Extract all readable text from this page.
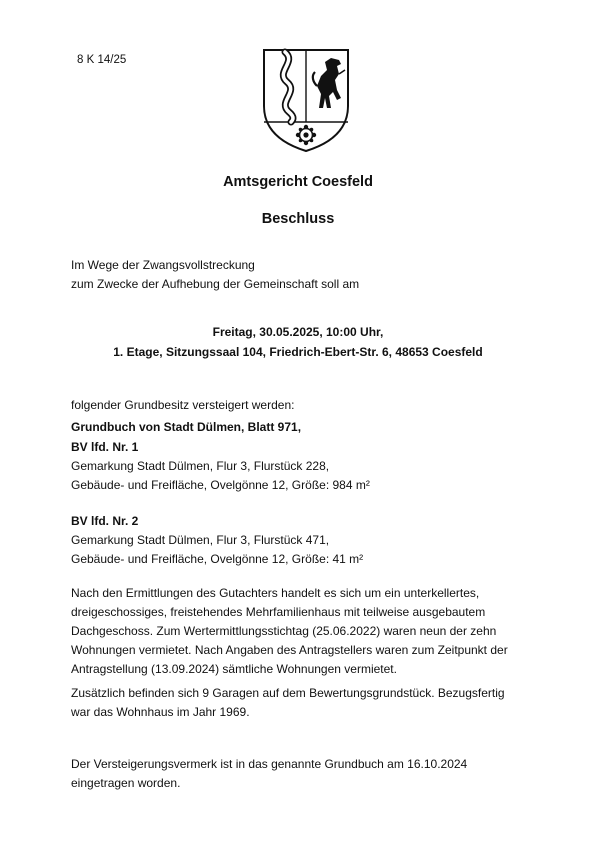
8 K 14/25
Amtsgericht Coesfeld
Beschluss
Im Wege der Zwangsvollstreckung
zum Zwecke der Aufhebung der Gemeinschaft soll am
Freitag, 30.05.2025, 10:00 Uhr,
1. Etage, Sitzungssaal 104, Friedrich-Ebert-Str. 6, 48653 Coesfeld
folgender Grundbesitz versteigert werden:
Grundbuch von Stadt Dülmen, Blatt 971,
BV lfd. Nr. 1
Gemarkung Stadt Dülmen, Flur 3, Flurstück 228,
Gebäude- und Freifläche, Ovelgönne 12, Größe: 984 m²
BV lfd. Nr. 2
Gemarkung Stadt Dülmen, Flur 3, Flurstück 471,
Gebäude- und Freifläche, Ovelgönne 12, Größe: 41 m²
Nach den Ermittlungen des Gutachters handelt es sich um ein unterkellertes,
dreigeschossiges, freistehendes Mehrfamilienhaus mit teilweise ausgebautem
Dachgeschoss. Zum Wertermittlungsstichtag (25.06.2022) waren neun der zehn
Wohnungen vermietet. Nach Angaben des Antragstellers waren zum Zeitpunkt der
Antragstellung (13.09.2024) sämtliche Wohnungen vermietet.
Zusätzlich befinden sich 9 Garagen auf dem Bewertungsgrundstück. Bezugsfertig
war das Wohnhaus im Jahr 1969.
Der Versteigerungsvermerk ist in das genannte Grundbuch am 16.10.2024
eingetragen worden.
